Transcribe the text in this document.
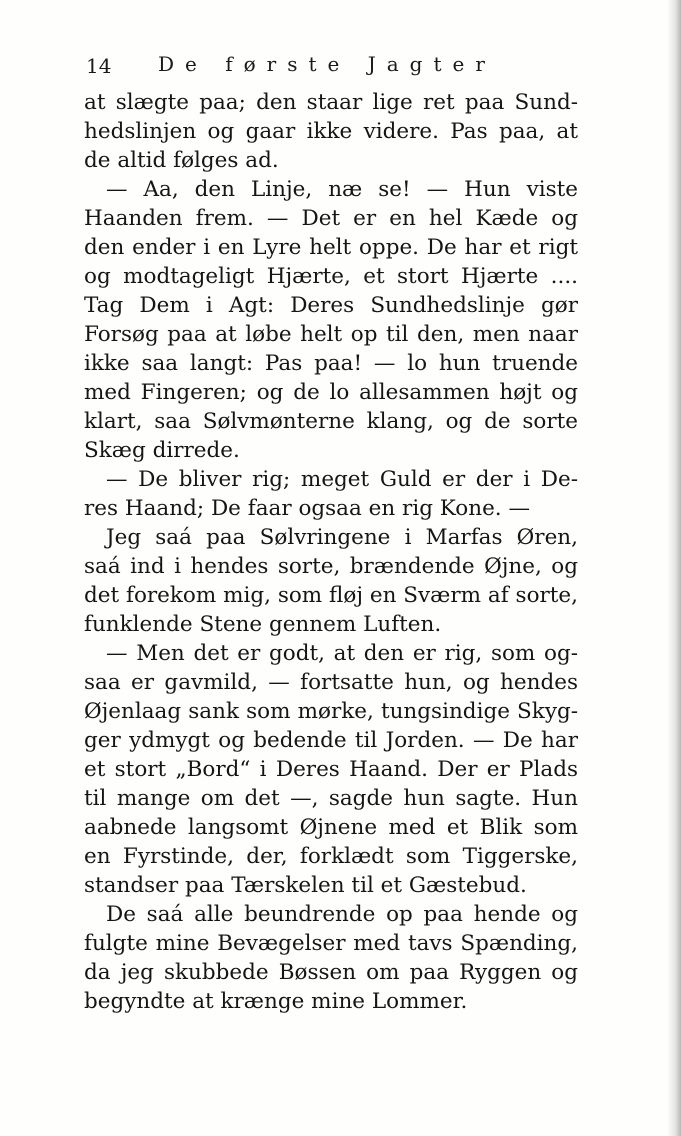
14 De første Jagter
at slægte paa; den staar lige ret paa Sund-
hedslinjen og gaar ikke videre. Pas paa, at
de altid følges ad.
— Aa, den Linje, næ se! — Hun viste
Haanden frem. — Det er en hel Kæde og
den ender i en Lyre helt oppe. De har et rigt
og modtageligt Hjærte, et stort Hjærte ....
Tag Dem i Agt: Deres Sundhedslinje gør
Forsøg paa at løbe helt op til den, men naar
ikke saa langt: Pas paa! — lo hun truende
med Fingeren; og de lo allesammen højt og
klart, saa Sølvmønterne klang, og de sorte
Skæg dirrede.
— De bliver rig; meget Guld er der i De-
res Haand; De faar ogsaa en rig Kone. —
Jeg saá paa Sølvringene i Marfas Øren,
saá ind i hendes sorte, brændende Øjne, og
det forekom mig, som fløj en Sværm af sorte,
funklende Stene gennem Luften.
— Men det er godt, at den er rig, som og-
saa er gavmild, — fortsatte hun, og hendes
Øjenlaag sank som mørke, tungsindige Skyg-
ger ydmygt og bedende til Jorden. — De har
et stort „Bord“ i Deres Haand. Der er Plads
til mange om det —, sagde hun sagte. Hun
aabnede langsomt Øjnene med et Blik som
en Fyrstinde, der, forklædt som Tiggerske,
standser paa Tærskelen til et Gæstebud.
De saá alle beundrende op paa hende og
fulgte mine Bevægelser med tavs Spænding,
da jeg skubbede Bøssen om paa Ryggen og
begyndte at krænge mine Lommer.
